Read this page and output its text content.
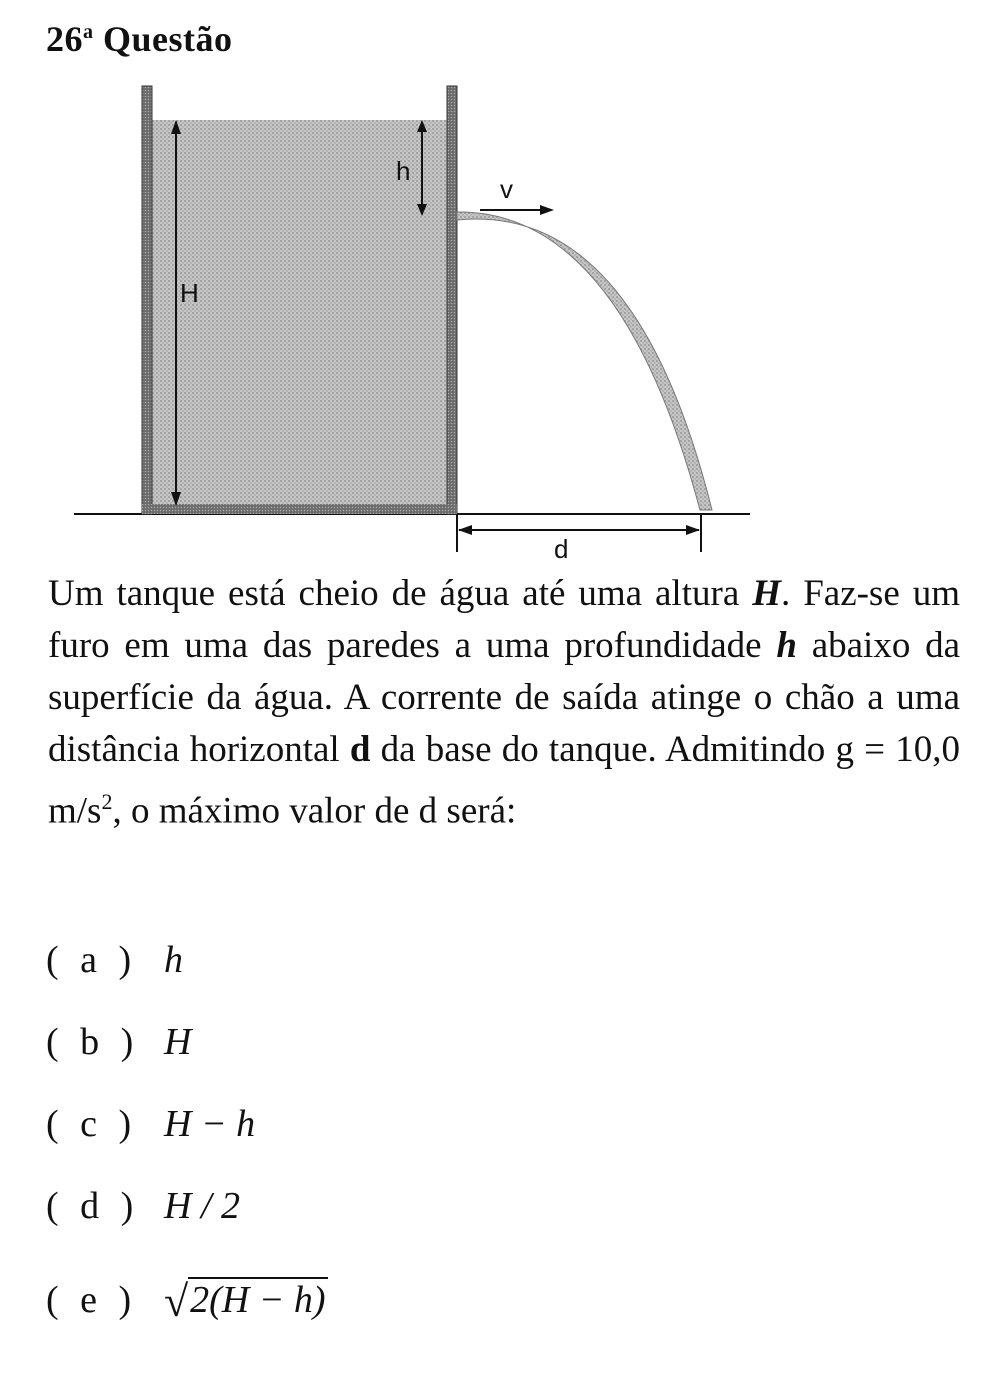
26$^a$ Questão
H
h
v
d
Um tanque está cheio de água até uma altura H. Faz-se um furo em uma das paredes a uma profundidade h abaixo da superfície da água. A corrente de saída atinge o chão a uma distância horizontal d da base do tanque. Admitindo g = 10,0 $m/s^2$, o máximo valor de d será:
( a ) h
( b ) H
( c ) H − h
( d ) H / 2
( e ) √2(H − h)
